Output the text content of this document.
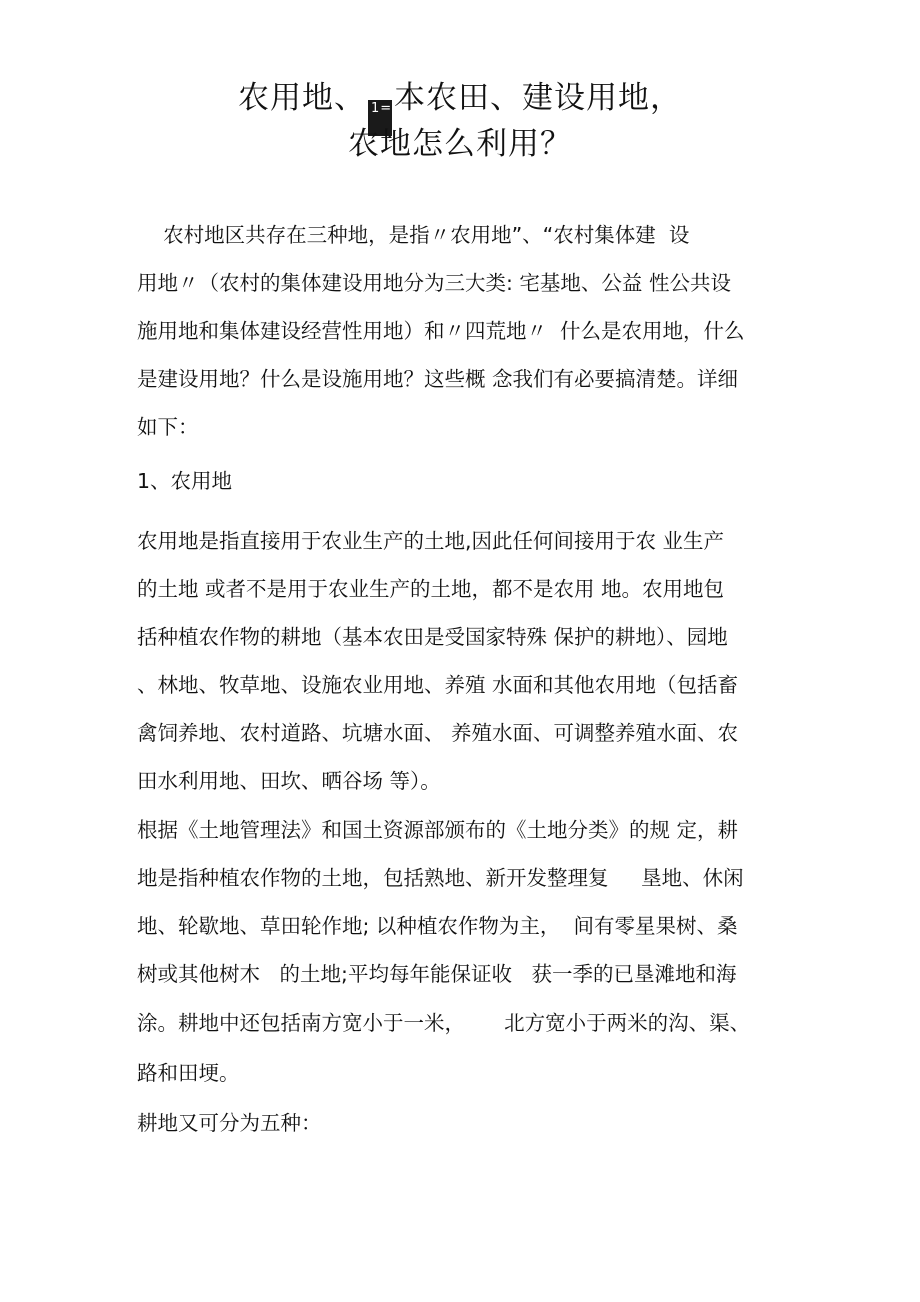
农用地、 1=1本农田、建设用地，
农地怎么利用？
农村地区共存在三种地，是指〃农用地”、“农村集体建  设
用地〃（农村的集体建设用地分为三大类: 宅基地、公益 性公共设
施用地和集体建设经营性用地）和〃四荒地〃  什么是农用地，什么
是建设用地？什么是设施用地？这些概 念我们有必要搞清楚。详细
如下：
1、农用地
农用地是指直接用于农业生产的土地,因此任何间接用于农 业生产
的土地 或者不是用于农业生产的土地，都不是农用 地。农用地包
括种植农作物的耕地（基本农田是受国家特殊 保护的耕地）、园地
、林地、牧草地、设施农业用地、养殖 水面和其他农用地（包括畜
禽饲养地、农村道路、坑塘水面、 养殖水面、可调整养殖水面、农
田水利用地、田坎、晒谷场 等）。
根据《土地管理法》和国土资源部颁布的《土地分类》的规 定，耕
地是指种植农作物的土地，包括熟地、新开发整理复     垦地、休闲
地、轮歇地、草田轮作地; 以种植农作物为主，  间有零星果树、桑
树或其他树木   的土地;平均每年能保证收   获一季的已垦滩地和海
涂。耕地中还包括南方宽小于一米，      北方宽小于两米的沟、渠、
路和田埂。
耕地又可分为五种：
